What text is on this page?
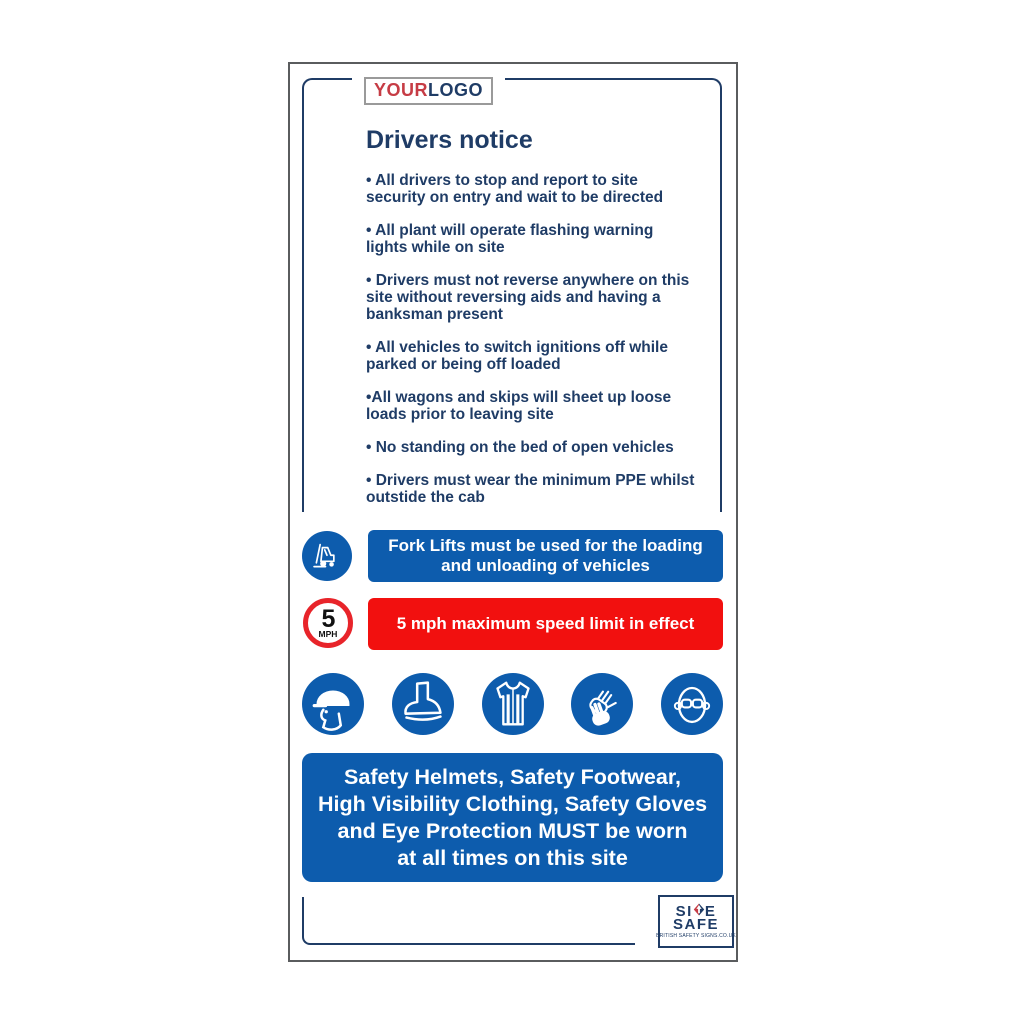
YOURLOGO
Drivers notice

• All drivers to stop and report to site security on entry and wait to be directed

• All plant will operate flashing warning lights while on site

• Drivers must not reverse anywhere on this site without reversing aids and having a banksman present

• All vehicles to switch ignitions off while parked or being off loaded

•All wagons and skips will sheet up loose loads prior to leaving site

• No standing on the bed of open vehicles

• Drivers must wear the minimum PPE whilst outstide the cab

Fork Lifts must be used for the loading
and unloading of vehicles
5
MPH
5 mph maximum speed limit in effect
Safety Helmets, Safety Footwear,
High Visibility Clothing, Safety Gloves
and Eye Protection MUST be worn
at all times on this site
SI E
SAFE
BRITISH SAFETY SIGNS.CO.UK
